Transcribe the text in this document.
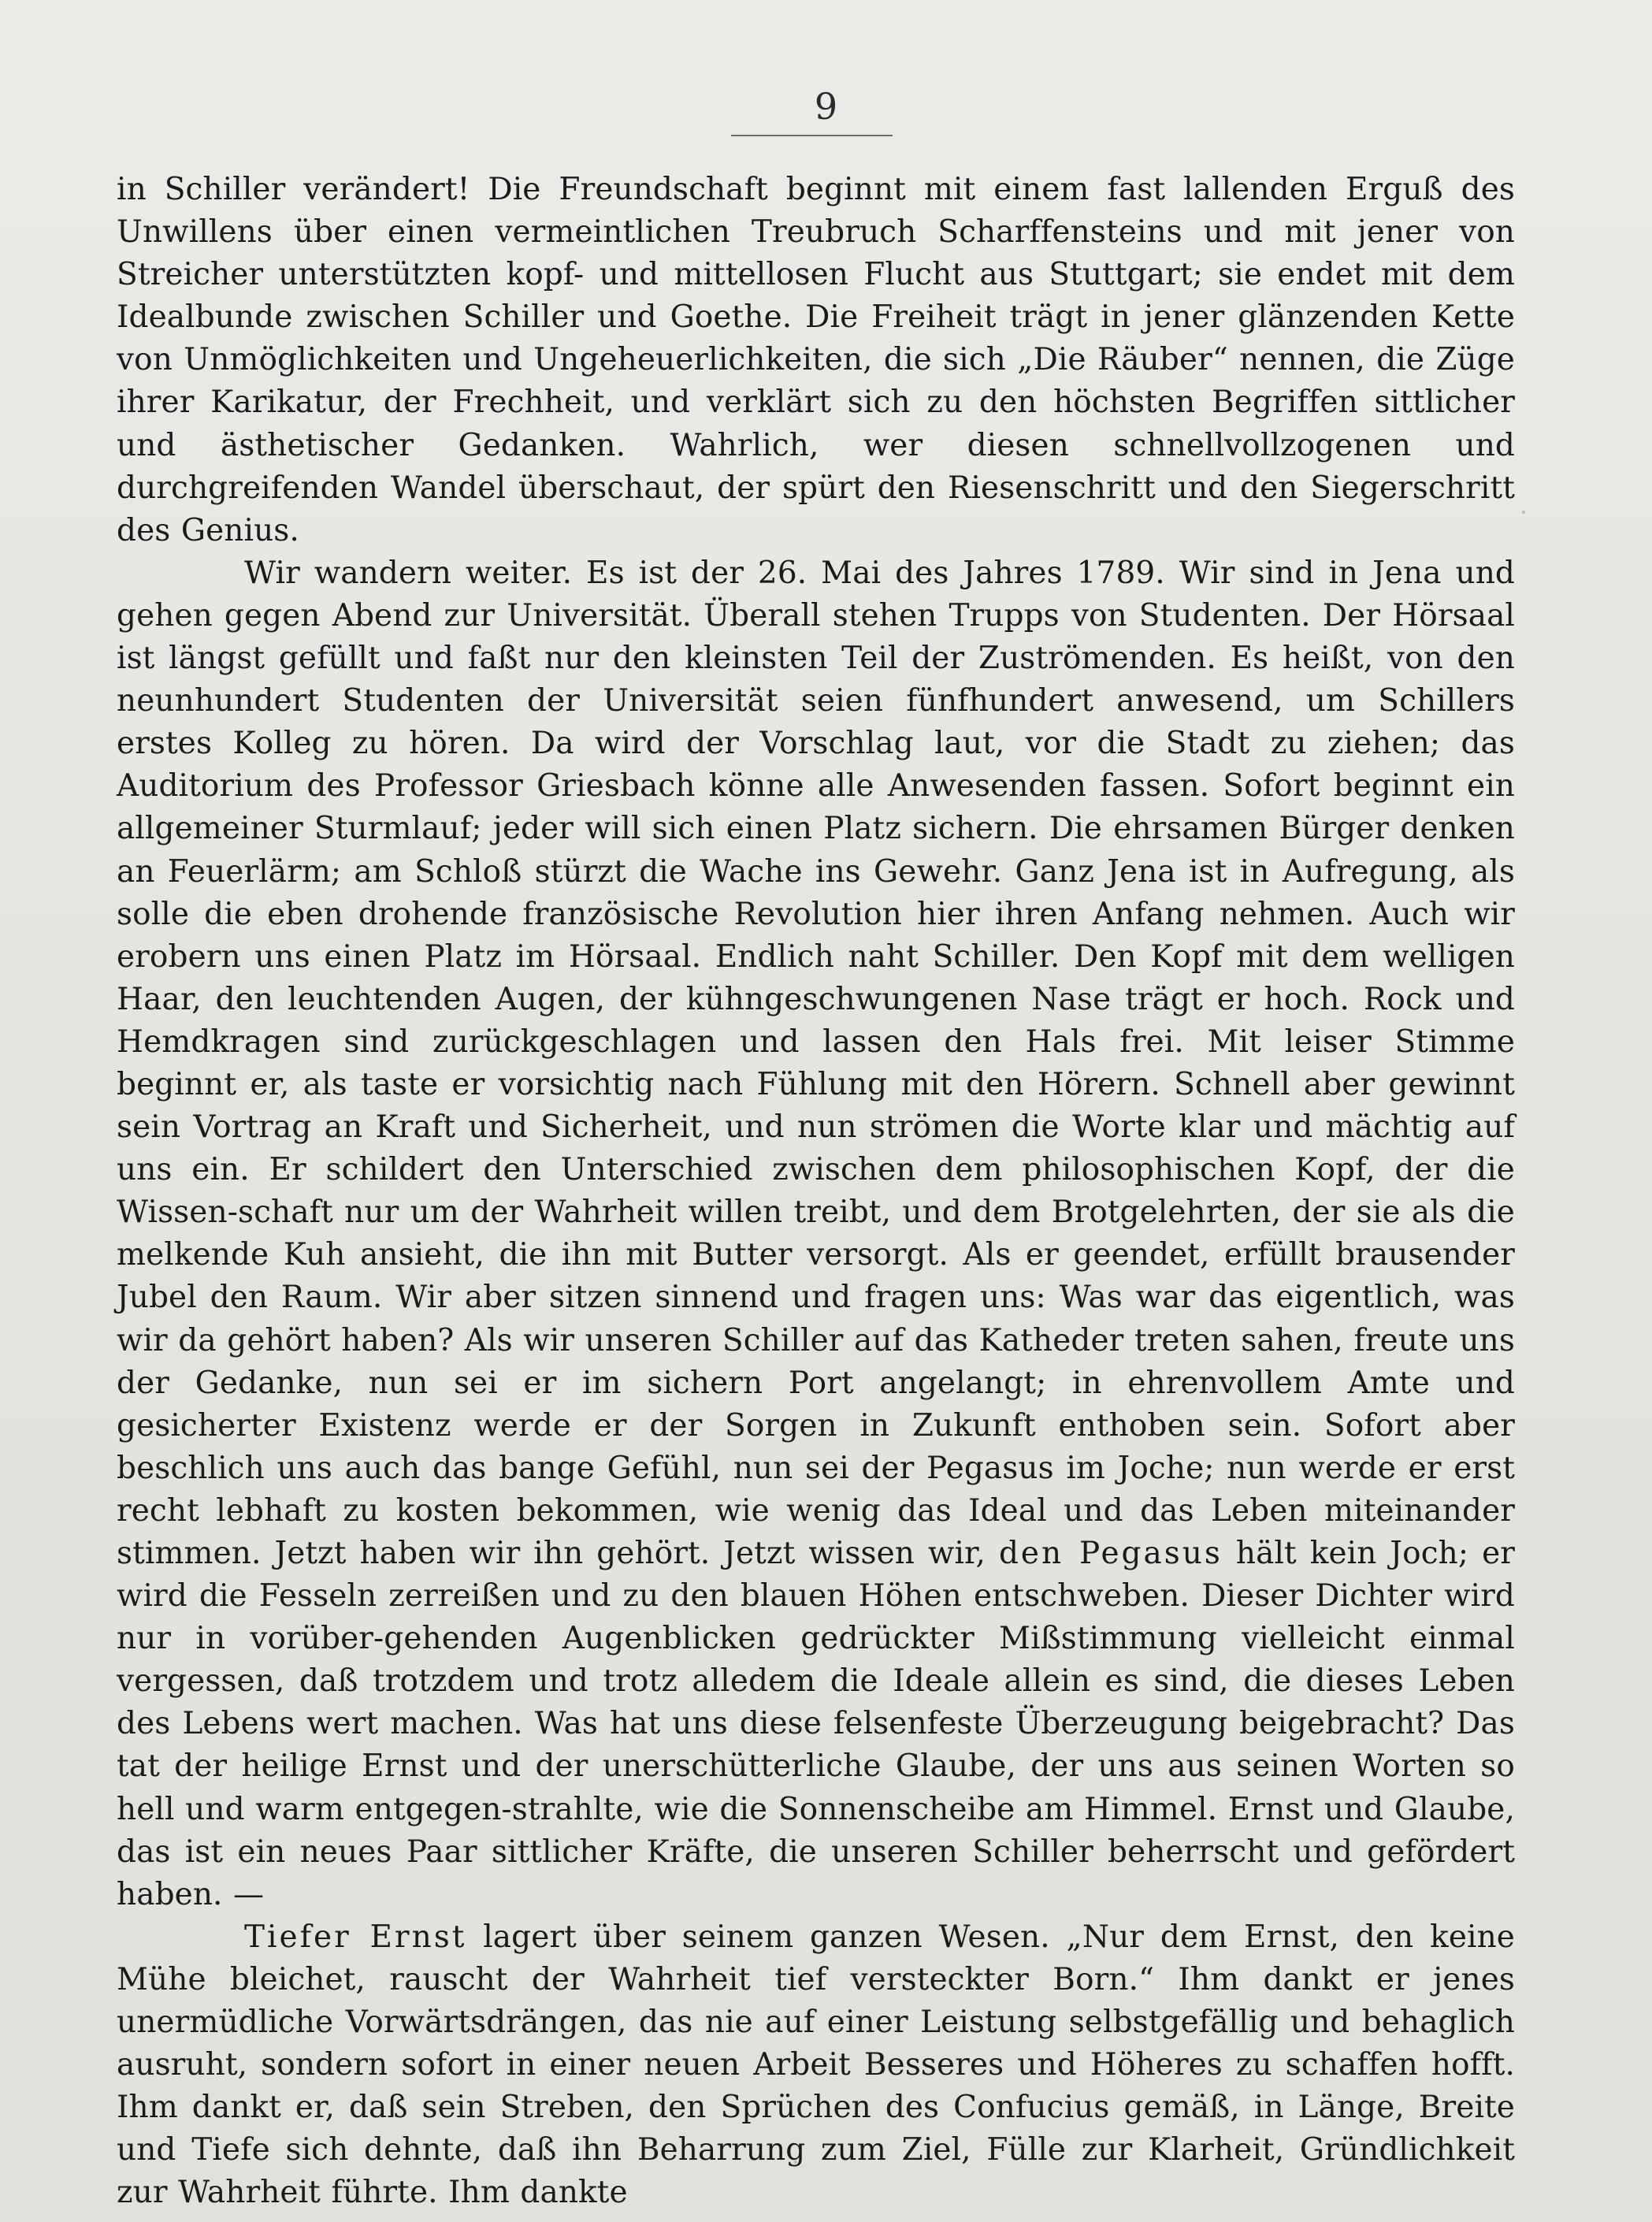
9

in Schiller verändert! Die Freundschaft beginnt mit einem fast lallenden Erguß des Unwillens über einen vermeintlichen Treubruch Scharffensteins und mit jener von Streicher unterstützten kopf- und mittellosen Flucht aus Stuttgart; sie endet mit dem Idealbunde zwischen Schiller und Goethe. Die Freiheit trägt in jener glänzenden Kette von Unmöglichkeiten und Ungeheuerlichkeiten, die sich „Die Räuber“ nennen, die Züge ihrer Karikatur, der Frechheit, und verklärt sich zu den höchsten Begriffen sittlicher und ästhetischer Gedanken. Wahrlich, wer diesen schnellvollzogenen und durchgreifenden Wandel überschaut, der spürt den Riesenschritt und den Siegerschritt des Genius.

Wir wandern weiter. Es ist der 26. Mai des Jahres 1789. Wir sind in Jena und gehen gegen Abend zur Universität. Überall stehen Trupps von Studenten. Der Hörsaal ist längst gefüllt und faßt nur den kleinsten Teil der Zuströmenden. Es heißt, von den neunhundert Studenten der Universität seien fünfhundert anwesend, um Schillers erstes Kolleg zu hören. Da wird der Vorschlag laut, vor die Stadt zu ziehen; das Auditorium des Professor Griesbach könne alle Anwesenden fassen. Sofort beginnt ein allgemeiner Sturmlauf; jeder will sich einen Platz sichern. Die ehrsamen Bürger denken an Feuerlärm; am Schloß stürzt die Wache ins Gewehr. Ganz Jena ist in Aufregung, als solle die eben drohende französische Revolution hier ihren Anfang nehmen. Auch wir erobern uns einen Platz im Hörsaal. Endlich naht Schiller. Den Kopf mit dem welligen Haar, den leuchtenden Augen, der kühngeschwungenen Nase trägt er hoch. Rock und Hemdkragen sind zurückgeschlagen und lassen den Hals frei. Mit leiser Stimme beginnt er, als taste er vorsichtig nach Fühlung mit den Hörern. Schnell aber gewinnt sein Vortrag an Kraft und Sicherheit, und nun strömen die Worte klar und mächtig auf uns ein. Er schildert den Unterschied zwischen dem philosophischen Kopf, der die Wissen-schaft nur um der Wahrheit willen treibt, und dem Brotgelehrten, der sie als die melkende Kuh ansieht, die ihn mit Butter versorgt. Als er geendet, erfüllt brausender Jubel den Raum. Wir aber sitzen sinnend und fragen uns: Was war das eigentlich, was wir da gehört haben? Als wir unseren Schiller auf das Katheder treten sahen, freute uns der Gedanke, nun sei er im sichern Port angelangt; in ehrenvollem Amte und gesicherter Existenz werde er der Sorgen in Zukunft enthoben sein. Sofort aber beschlich uns auch das bange Gefühl, nun sei der Pegasus im Joche; nun werde er erst recht lebhaft zu kosten bekommen, wie wenig das Ideal und das Leben miteinander stimmen. Jetzt haben wir ihn gehört. Jetzt wissen wir, den Pegasus hält kein Joch; er wird die Fesseln zerreißen und zu den blauen Höhen entschweben. Dieser Dichter wird nur in vorüber-gehenden Augenblicken gedrückter Mißstimmung vielleicht einmal vergessen, daß trotzdem und trotz alledem die Ideale allein es sind, die dieses Leben des Lebens wert machen. Was hat uns diese felsenfeste Überzeugung beigebracht? Das tat der heilige Ernst und der unerschütterliche Glaube, der uns aus seinen Worten so hell und warm entgegen-strahlte, wie die Sonnenscheibe am Himmel. Ernst und Glaube, das ist ein neues Paar sittlicher Kräfte, die unseren Schiller beherrscht und gefördert haben. —

Tiefer Ernst lagert über seinem ganzen Wesen. „Nur dem Ernst, den keine Mühe bleichet, rauscht der Wahrheit tief versteckter Born.“ Ihm dankt er jenes unermüdliche Vorwärtsdrängen, das nie auf einer Leistung selbstgefällig und behaglich ausruht, sondern sofort in einer neuen Arbeit Besseres und Höheres zu schaffen hofft. Ihm dankt er, daß sein Streben, den Sprüchen des Confucius gemäß, in Länge, Breite und Tiefe sich dehnte, daß ihn Beharrung zum Ziel, Fülle zur Klarheit, Gründlichkeit zur Wahrheit führte. Ihm dankte
